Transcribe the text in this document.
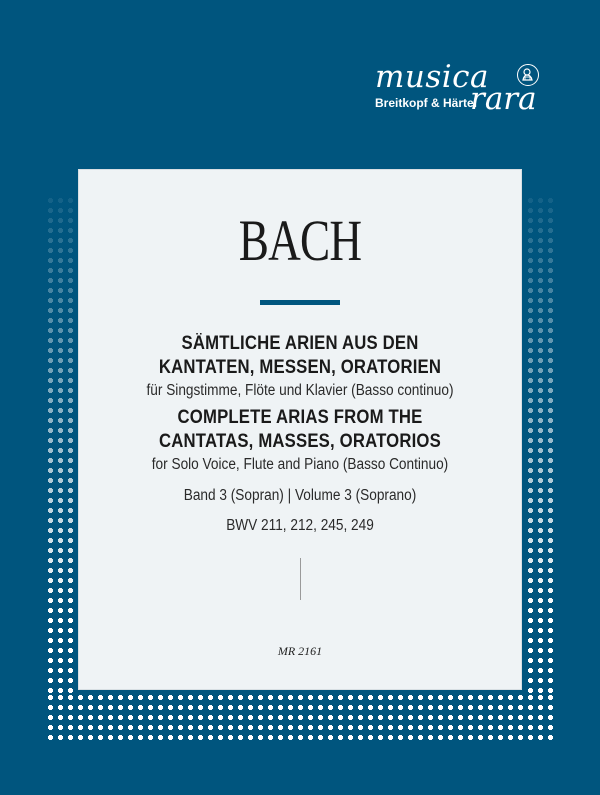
musica
rara
Breitkopf & Härtel
BACH
SÄMTLICHE ARIEN AUS DEN
KANTATEN, MESSEN, ORATORIEN
für Singstimme, Flöte und Klavier (Basso continuo)
COMPLETE ARIAS FROM THE
CANTATAS, MASSES, ORATORIOS
for Solo Voice, Flute and Piano (Basso Continuo)
Band 3 (Sopran) | Volume 3 (Soprano)
BWV 211, 212, 245, 249
MR 2161
